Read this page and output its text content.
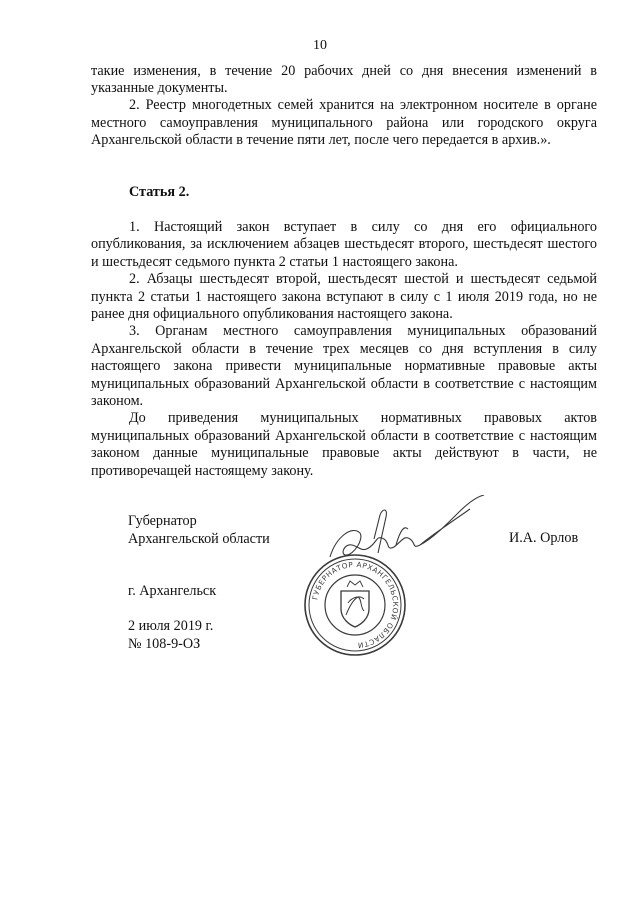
10

такие изменения, в течение 20 рабочих дней со дня внесения изменений в указанные документы.

2. Реестр многодетных семей хранится на электронном носителе в органе местного самоуправления муниципального района или городского округа Архангельской области в течение пяти лет, после чего передается в архив.».

Статья 2.

1. Настоящий закон вступает в силу со дня его официального опубликования, за исключением абзацев шестьдесят второго, шестьдесят шестого и шестьдесят седьмого пункта 2 статьи 1 настоящего закона.

2. Абзацы шестьдесят второй, шестьдесят шестой и шестьдесят седьмой пункта 2 статьи 1 настоящего закона вступают в силу с 1 июля 2019 года, но не ранее дня официального опубликования настоящего закона.

3. Органам местного самоуправления муниципальных образований Архангельской области в течение трех месяцев со дня вступления в силу настоящего закона привести муниципальные нормативные правовые акты муниципальных образований Архангельской области в соответствие с настоящим законом.

До приведения муниципальных нормативных правовых актов муниципальных образований Архангельской области в соответствие с настоящим законом данные муниципальные правовые акты действуют в части, не противоречащей настоящему закону.

Губернатор
Архангельской области	И.А. Орлов
ГУБЕРНАТОР АРХАНГЕЛЬСКОЙ ОБЛАСТИ
г. Архангельск
2 июля 2019 г.
№ 108-9-ОЗ
